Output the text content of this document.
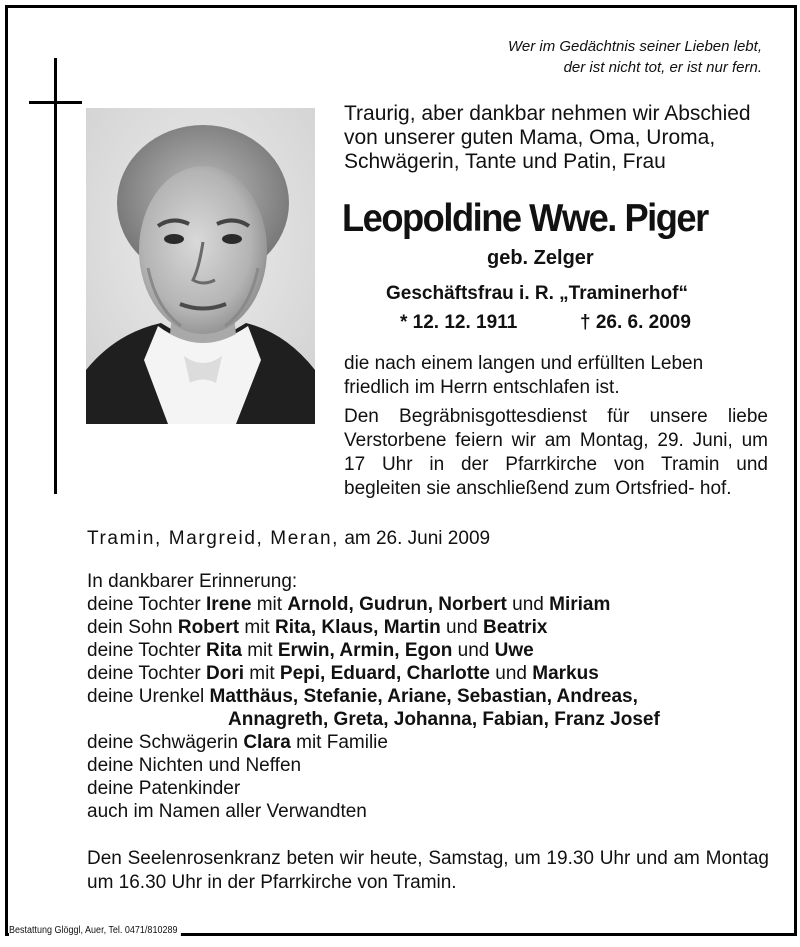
Wer im Gedächtnis seiner Lieben lebt,
der ist nicht tot, er ist nur fern.
Traurig, aber dankbar nehmen wir Abschied von unserer guten Mama, Oma, Uroma, Schwägerin, Tante und Patin, Frau
Leopoldine Wwe. Piger
geb. Zelger
Geschäftsfrau i. R. „Traminerhof“
* 12. 12. 1911	† 26. 6. 2009
die nach einem langen und erfüllten Leben friedlich im Herrn entschlafen ist.
Den Begräbnisgottesdienst für unsere liebe Verstorbene feiern wir am Montag, 29. Juni, um 17 Uhr in der Pfarrkirche von Tramin und begleiten sie anschließend zum Ortsfried- hof.
Tramin, Margreid, Meran, am 26. Juni 2009
In dankbarer Erinnerung:
deine Tochter Irene mit Arnold, Gudrun, Norbert und Miriam
dein Sohn Robert mit Rita, Klaus, Martin und Beatrix
deine Tochter Rita mit Erwin, Armin, Egon und Uwe
deine Tochter Dori mit Pepi, Eduard, Charlotte und Markus
deine Urenkel Matthäus, Stefanie, Ariane, Sebastian, Andreas,
Annagreth, Greta, Johanna, Fabian, Franz Josef
deine Schwägerin Clara mit Familie
deine Nichten und Neffen
deine Patenkinder
auch im Namen aller Verwandten
Den Seelenrosenkranz beten wir heute, Samstag, um 19.30 Uhr und am Montag um 16.30 Uhr in der Pfarrkirche von Tramin.
Bestattung Glöggl, Auer, Tel. 0471/810289
